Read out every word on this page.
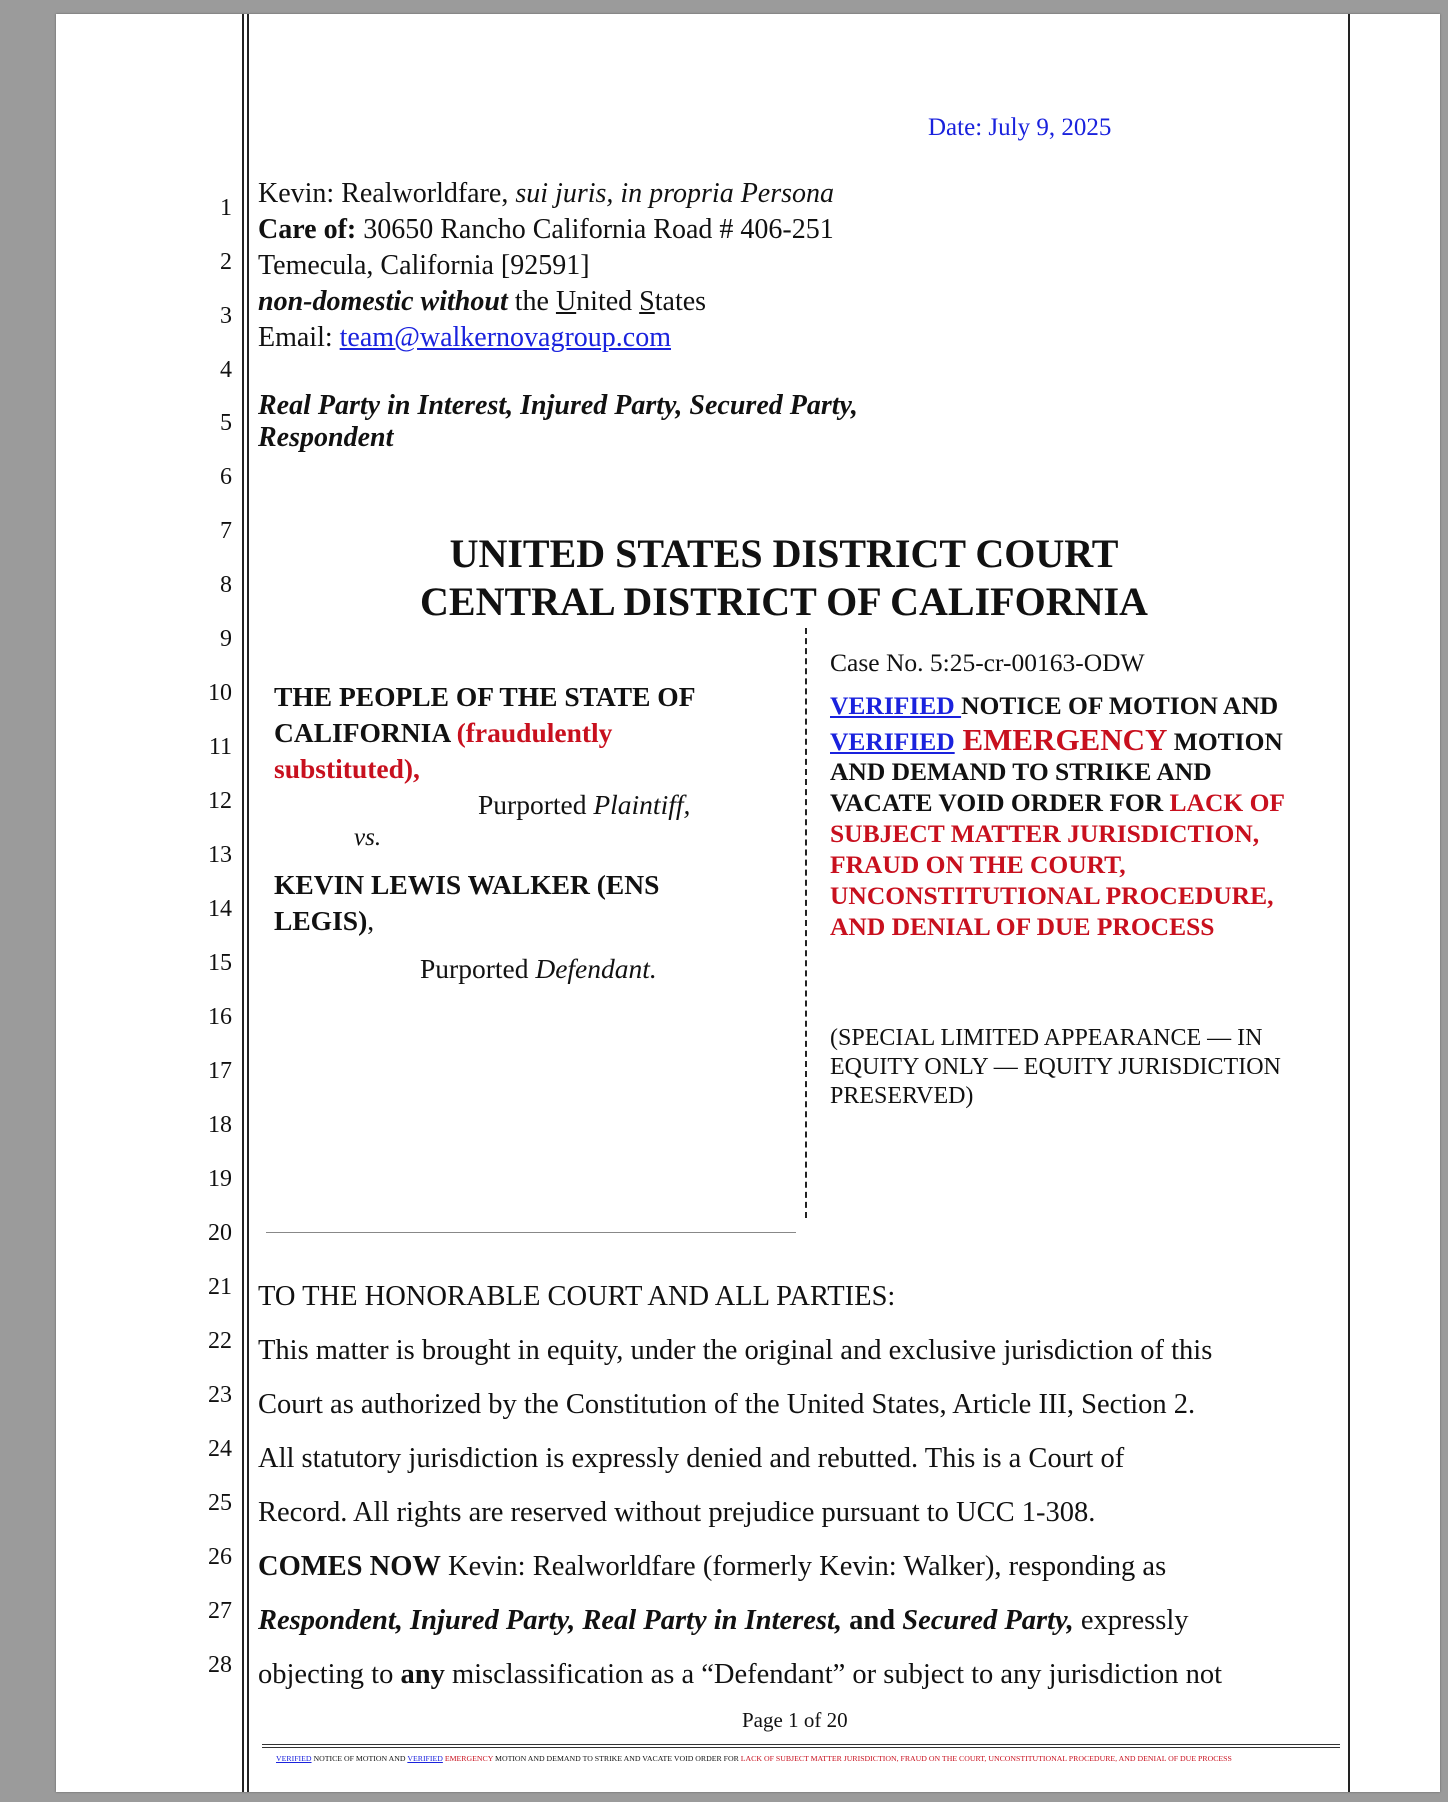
Date: July 9, 2025
1
2
3
4
5
6
7
8
9
10
11
12
13
14
15
16
17
18
19
20
21
22
23
24
25
26
27
28
Kevin: Realworldfare, sui juris, in propria Persona
Care of: 30650 Rancho California Road # 406-251
Temecula, California [92591]
non-domestic without the United States
Email: team@walkernovagroup.com
Real Party in Interest, Injured Party, Secured Party,
Respondent
UNITED STATES DISTRICT COURT
CENTRAL DISTRICT OF CALIFORNIA
THE PEOPLE OF THE STATE OF
CALIFORNIA (fraudulently
substituted),
Purported Plaintiff,
vs.
KEVIN LEWIS WALKER (ENS
LEGIS),
Purported Defendant.
Case No. 5:25-cr-00163-ODW
VERIFIED NOTICE OF MOTION AND
VERIFIED EMERGENCY MOTION
AND DEMAND TO STRIKE AND
VACATE VOID ORDER FOR LACK OF
SUBJECT MATTER JURISDICTION,
FRAUD ON THE COURT,
UNCONSTITUTIONAL PROCEDURE,
AND DENIAL OF DUE PROCESS
(SPECIAL LIMITED APPEARANCE — IN
EQUITY ONLY — EQUITY JURISDICTION
PRESERVED)
TO THE HONORABLE COURT AND ALL PARTIES:
This matter is brought in equity, under the original and exclusive jurisdiction of this
Court as authorized by the Constitution of the United States, Article III, Section 2.
All statutory jurisdiction is expressly denied and rebutted. This is a Court of
Record. All rights are reserved without prejudice pursuant to UCC 1-308.
COMES NOW Kevin: Realworldfare (formerly Kevin: Walker), responding as
Respondent, Injured Party, Real Party in Interest, and Secured Party, expressly
objecting to any misclassification as a “Defendant” or subject to any jurisdiction not
Page 1 of 20
VERIFIED NOTICE OF MOTION AND VERIFIED EMERGENCY MOTION AND DEMAND TO STRIKE AND VACATE VOID ORDER FOR LACK OF SUBJECT MATTER JURISDICTION, FRAUD ON THE COURT, UNCONSTITUTIONAL PROCEDURE, AND DENIAL OF DUE PROCESS
